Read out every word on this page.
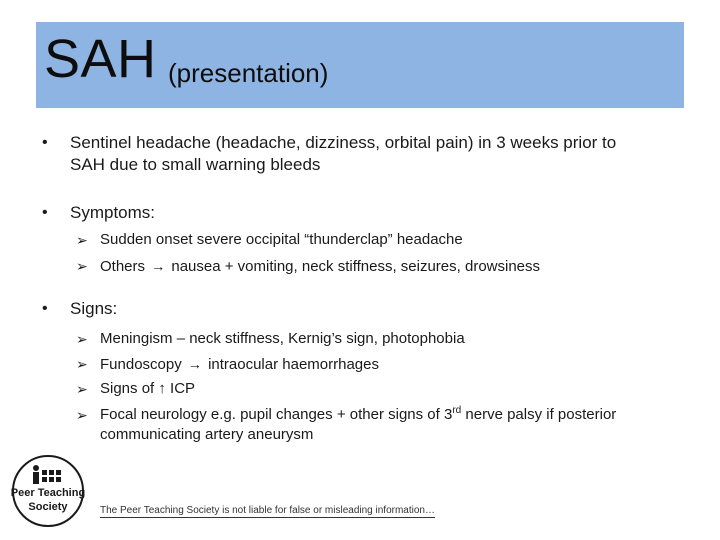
SAH (presentation)
• Sentinel headache (headache, dizziness, orbital pain) in 3 weeks prior to
SAH due to small warning bleeds
• Symptoms:
➢ Sudden onset severe occipital “thunderclap” headache
➢ Others → nausea + vomiting, neck stiffness, seizures, drowsiness
• Signs:
➢ Meningism – neck stiffness, Kernig’s sign, photophobia
➢ Fundoscopy → intraocular haemorrhages
➢ Signs of ↑ ICP
➢ Focal neurology e.g. pupil changes + other signs of 3rd nerve palsy if posterior
communicating artery aneurysm
Peer Teaching
Society	The Peer Teaching Society is not liable for false or misleading information…
